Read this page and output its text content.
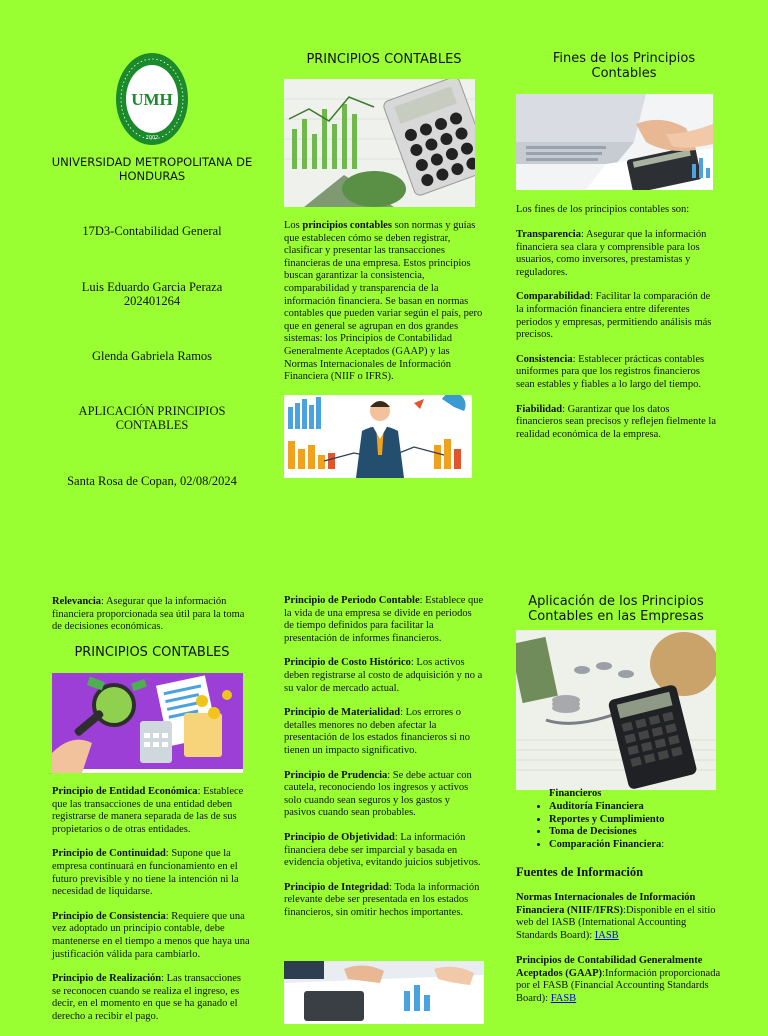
UMH
2002
UNIVERSIDAD METROPOLITANA DE HONDURAS
17D3-Contabilidad General
Luis Eduardo Garcia Peraza
202401264
Glenda Gabriela Ramos
APLICACIÓN PRINCIPIOS CONTABLES
Santa Rosa de Copan, 02/08/2024
PRINCIPIOS CONTABLES
Los principios contables son normas y guías que establecen cómo se deben registrar, clasificar y presentar las transacciones financieras de una empresa. Estos principios buscan garantizar la consistencia, comparabilidad y transparencia de la información financiera. Se basan en normas contables que pueden variar según el país, pero que en general se agrupan en dos grandes sistemas: los Principios de Contabilidad Generalmente Aceptados (GAAP) y las Normas Internacionales de Información Financiera (NIIF o IFRS).
Fines de los Principios Contables
Los fines de los principios contables son:

Transparencia: Asegurar que la información financiera sea clara y comprensible para los usuarios, como inversores, prestamistas y reguladores.

Comparabilidad: Facilitar la comparación de la información financiera entre diferentes periodos y empresas, permitiendo análisis más precisos.

Consistencia: Establecer prácticas contables uniformes para que los registros financieros sean estables y fiables a lo largo del tiempo.

Fiabilidad: Garantizar que los datos financieros sean precisos y reflejen fielmente la realidad económica de la empresa.

Relevancia: Asegurar que la información financiera proporcionada sea útil para la toma de decisiones económicas.
PRINCIPIOS CONTABLES

Principio de Entidad Económica: Establece que las transacciones de una entidad deben registrarse de manera separada de las de sus propietarios o de otras entidades.

Principio de Continuidad: Supone que la empresa continuará en funcionamiento en el futuro previsible y no tiene la intención ni la necesidad de liquidarse.

Principio de Consistencia: Requiere que una vez adoptado un principio contable, debe mantenerse en el tiempo a menos que haya una justificación válida para cambiarlo.

Principio de Realización: Las transacciones se reconocen cuando se realiza el ingreso, es decir, en el momento en que se ha ganado el derecho a recibir el pago.

Principio de Periodo Contable: Establece que la vida de una empresa se divide en periodos de tiempo definidos para facilitar la presentación de informes financieros.

Principio de Costo Histórico: Los activos deben registrarse al costo de adquisición y no a su valor de mercado actual.

Principio de Materialidad: Los errores o detalles menores no deben afectar la presentación de los estados financieros si no tienen un impacto significativo.

Principio de Prudencia: Se debe actuar con cautela, reconociendo los ingresos y activos solo cuando sean seguros y los gastos y pasivos cuando sean probables.

Principio de Objetividad: La información financiera debe ser imparcial y basada en evidencia objetiva, evitando juicios subjetivos.

Principio de Integridad: Toda la información relevante debe ser presentada en los estados financieros, sin omitir hechos importantes.

Aplicación de los Principios Contables en las Empresas
Financieros
• Auditoría Financiera
• Reportes y Cumplimiento
• Toma de Decisiones
• Comparación Financiera:
Fuentes de Información
Normas Internacionales de Información Financiera (NIIF/IFRS):Disponible en el sitio web del IASB (International Accounting Standards Board): IASB
Principios de Contabilidad Generalmente Aceptados (GAAP):Información proporcionada por el FASB (Financial Accounting Standards Board): FASB
